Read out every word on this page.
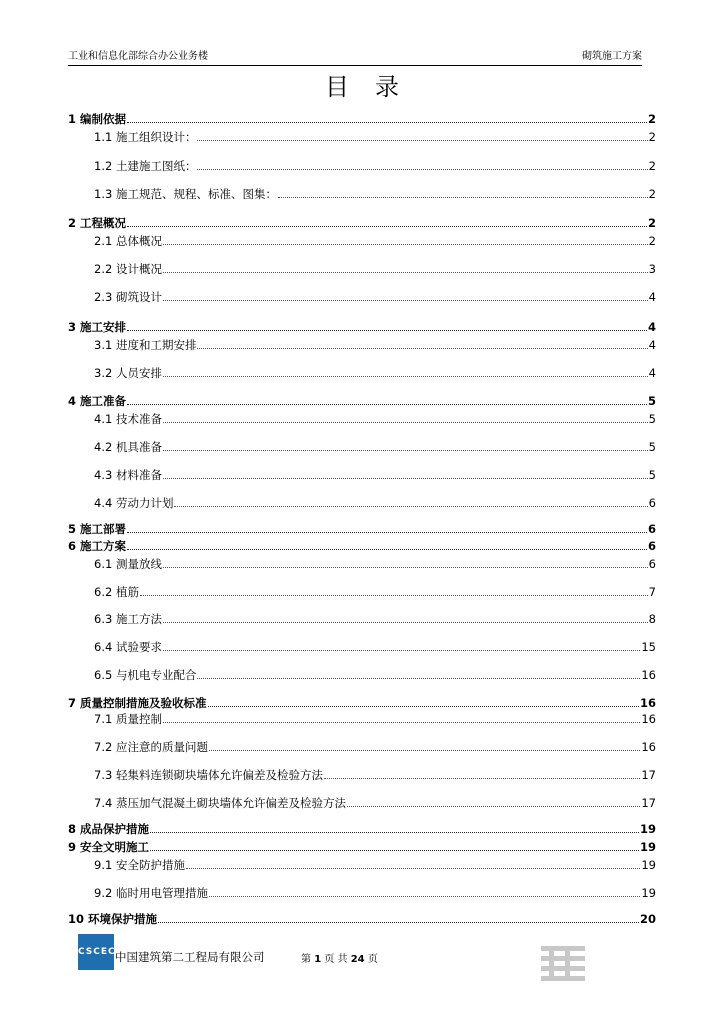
工业和信息化部综合办公业务楼	砌筑施工方案
目录
1 编制依据	2
1.1 施工组织设计：	2
1.2 土建施工图纸：	2
1.3 施工规范、规程、标准、图集：	2
2 工程概况	2
2.1 总体概况	2
2.2 设计概况	3
2.3 砌筑设计	4
3 施工安排	4
3.1 进度和工期安排	4
3.2 人员安排	4
4 施工准备	5
4.1 技术准备	5
4.2 机具准备	5
4.3 材料准备	5
4.4 劳动力计划	6
5 施工部署	6
6 施工方案	6
6.1 测量放线	6
6.2 植筋	7
6.3 施工方法	8
6.4 试验要求	15
6.5 与机电专业配合	16
7 质量控制措施及验收标准	16
7.1 质量控制	16
7.2 应注意的质量问题	16
7.3 轻集料连锁砌块墙体允许偏差及检验方法	17
7.4 蒸压加气混凝土砌块墙体允许偏差及检验方法	17
8 成品保护措施	19
9 安全文明施工	19
9.1 安全防护措施	19
9.2 临时用电管理措施	19
10 环境保护措施	20
CSCEC 中国建筑第二工程局有限公司	第 1 页 共 24 页
